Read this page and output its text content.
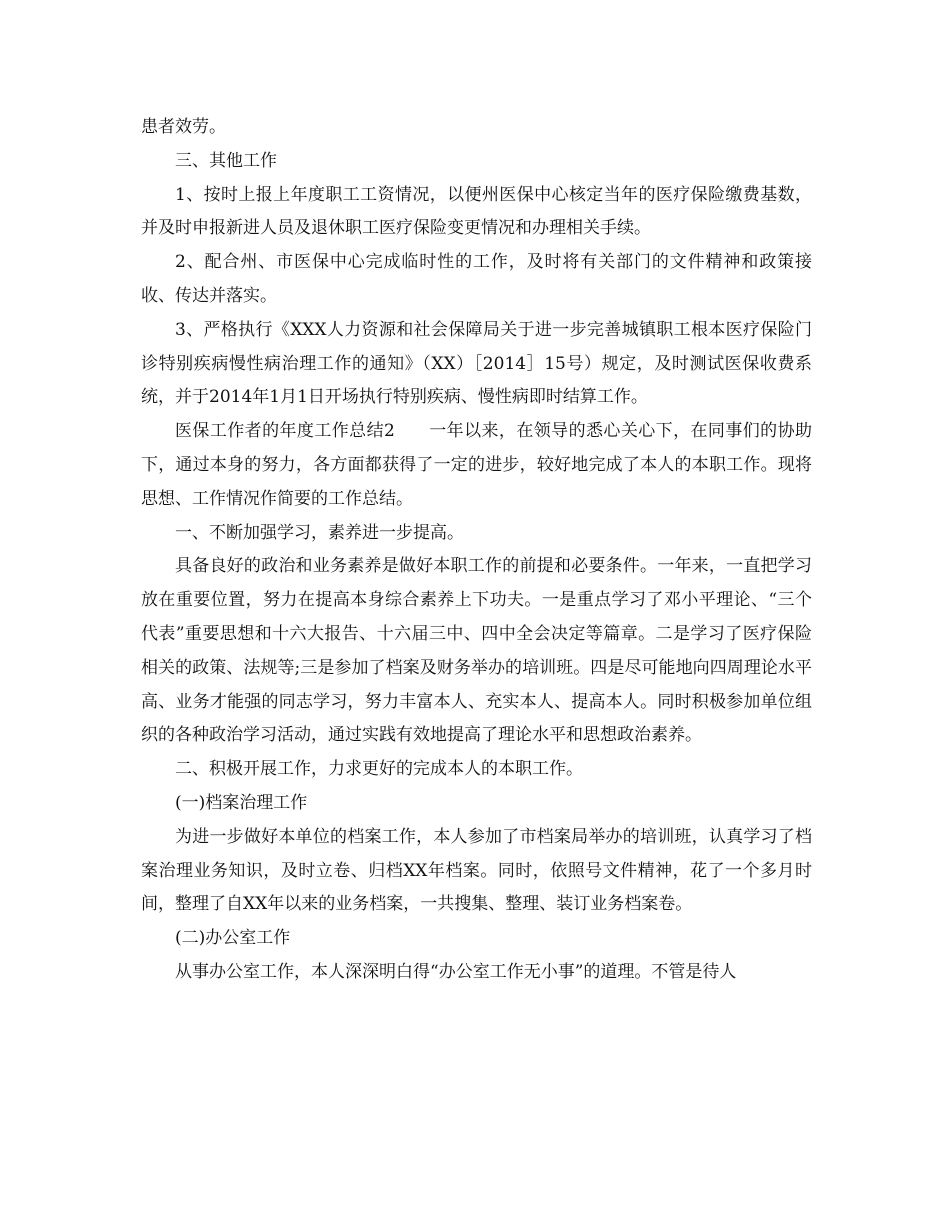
患者效劳。

三、其他工作

1、按时上报上年度职工工资情况，以便州医保中心核定当年的医疗保险缴费基数，并及时申报新进人员及退休职工医疗保险变更情况和办理相关手续。

2、配合州、市医保中心完成临时性的工作，及时将有关部门的文件精神和政策接收、传达并落实。

3、严格执行《XXX人力资源和社会保障局关于进一步完善城镇职工根本医疗保险门诊特别疾病慢性病治理工作的通知》（XX）［2014］15号）规定，及时测试医保收费系统，并于2014年1月1日开场执行特别疾病、慢性病即时结算工作。

医保工作者的年度工作总结2 一年以来，在领导的悉心关心下，在同事们的协助下，通过本身的努力，各方面都获得了一定的进步，较好地完成了本人的本职工作。现将思想、工作情况作简要的工作总结。

一、不断加强学习，素养进一步提高。

具备良好的政治和业务素养是做好本职工作的前提和必要条件。一年来，一直把学习放在重要位置，努力在提高本身综合素养上下功夫。一是重点学习了邓小平理论、“三个代表”重要思想和十六大报告、十六届三中、四中全会决定等篇章。二是学习了医疗保险相关的政策、法规等;三是参加了档案及财务举办的培训班。四是尽可能地向四周理论水平高、业务才能强的同志学习，努力丰富本人、充实本人、提高本人。同时积极参加单位组织的各种政治学习活动，通过实践有效地提高了理论水平和思想政治素养。

二、积极开展工作，力求更好的完成本人的本职工作。

(一)档案治理工作

为进一步做好本单位的档案工作，本人参加了市档案局举办的培训班，认真学习了档案治理业务知识，及时立卷、归档XX年档案。同时，依照号文件精神，花了一个多月时间，整理了自XX年以来的业务档案，一共搜集、整理、装订业务档案卷。

(二)办公室工作

从事办公室工作，本人深深明白得“办公室工作无小事”的道理。不管是待人
